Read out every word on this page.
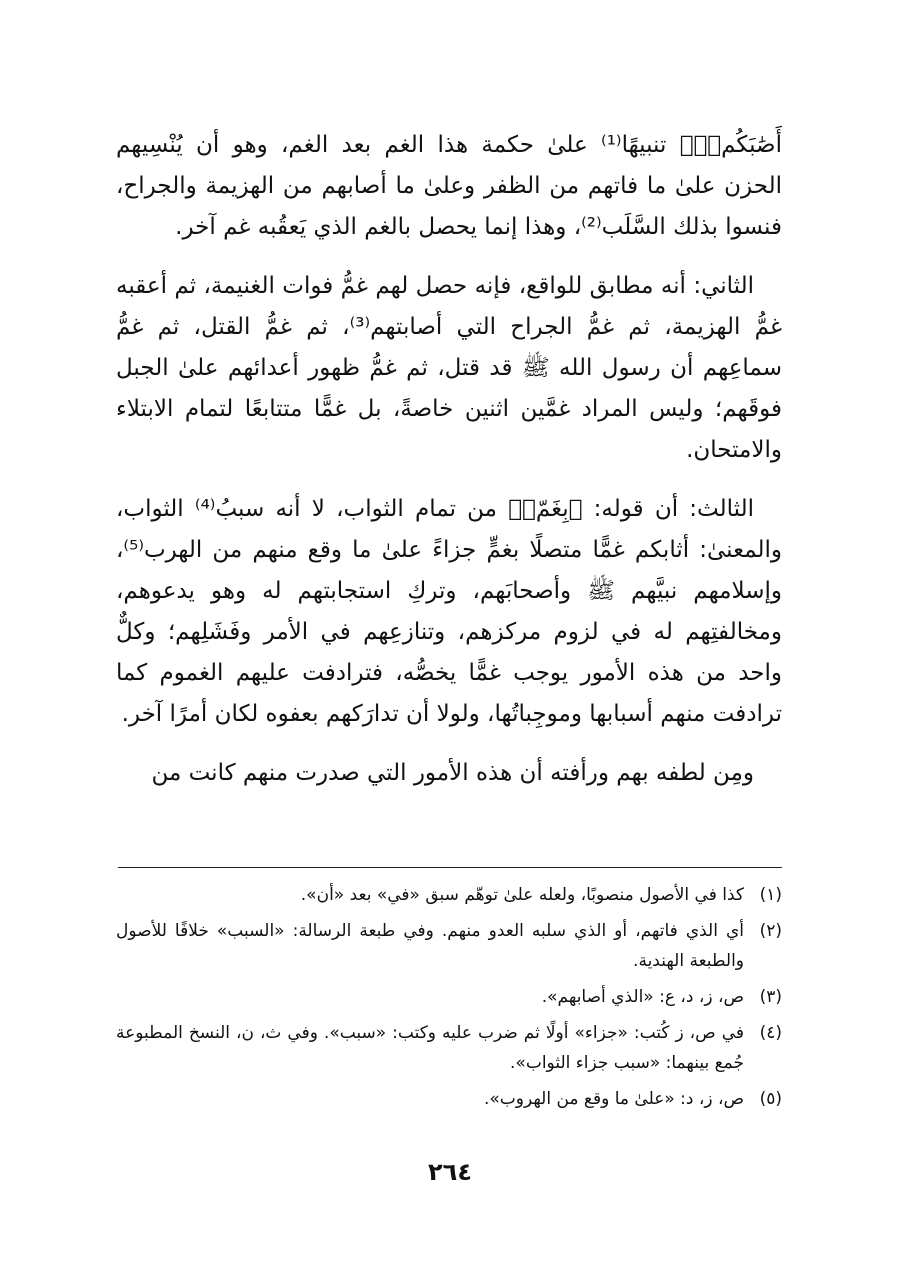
أَصَٰبَكُمۡۗ﴾ تنبيهًا⁽¹⁾ علىٰ حكمة هذا الغم بعد الغم، وهو أن يُنْسِيهم الحزن علىٰ ما فاتهم من الظفر وعلىٰ ما أصابهم من الهزيمة والجراح، فنسوا بذلك السَّلَب⁽²⁾، وهذا إنما يحصل بالغم الذي يَعقُبه غم آخر.

الثاني: أنه مطابق للواقع، فإنه حصل لهم غمُّ فوات الغنيمة، ثم أعقبه غمُّ الهزيمة، ثم غمُّ الجراح التي أصابتهم⁽³⁾، ثم غمُّ القتل، ثم غمُّ سماعِهم أن رسول الله ﷺ قد قتل، ثم غمُّ ظهور أعدائهم علىٰ الجبل فوقَهم؛ وليس المراد غمَّين اثنين خاصةً، بل غمًّا متتابعًا لتمام الابتلاء والامتحان.

الثالث: أن قوله: ﴿بِغَمّٖ﴾ من تمام الثواب، لا أنه سببُ⁽⁴⁾ الثواب، والمعنىٰ: أثابكم غمًّا متصلًا بغمٍّ جزاءً علىٰ ما وقع منهم من الهرب⁽⁵⁾، وإسلامهم نبيَّهم ﷺ وأصحابَهم، وتركِ استجابتهم له وهو يدعوهم، ومخالفتِهم له في لزوم مركزهم، وتنازعِهم في الأمر وفَشَلِهم؛ وكلٌّ واحد من هذه الأمور يوجب غمًّا يخصُّه، فترادفت عليهم الغموم كما ترادفت منهم أسبابها وموجِباتُها، ولولا أن تدارَكهم بعفوه لكان أمرًا آخر.

ومِن لطفه بهم ورأفته أن هذه الأمور التي صدرت منهم كانت من

(١)
كذا في الأصول منصوبًا، ولعله علىٰ توهّم سبق «في» بعد «أن».
(٢)
أي الذي فاتهم، أو الذي سلبه العدو منهم. وفي طبعة الرسالة: «السبب» خلافًا للأصول والطبعة الهندية.
(٣)
ص، ز، د، ع: «الذي أصابهم».
(٤)
في ص، ز كُتب: «جزاء» أولًا ثم ضرب عليه وكتب: «سبب». وفي ث، ن، النسخ المطبوعة جُمع بينهما: «سبب جزاء الثواب».
(٥)
ص، ز، د: «علىٰ ما وقع من الهروب».
٢٦٤
